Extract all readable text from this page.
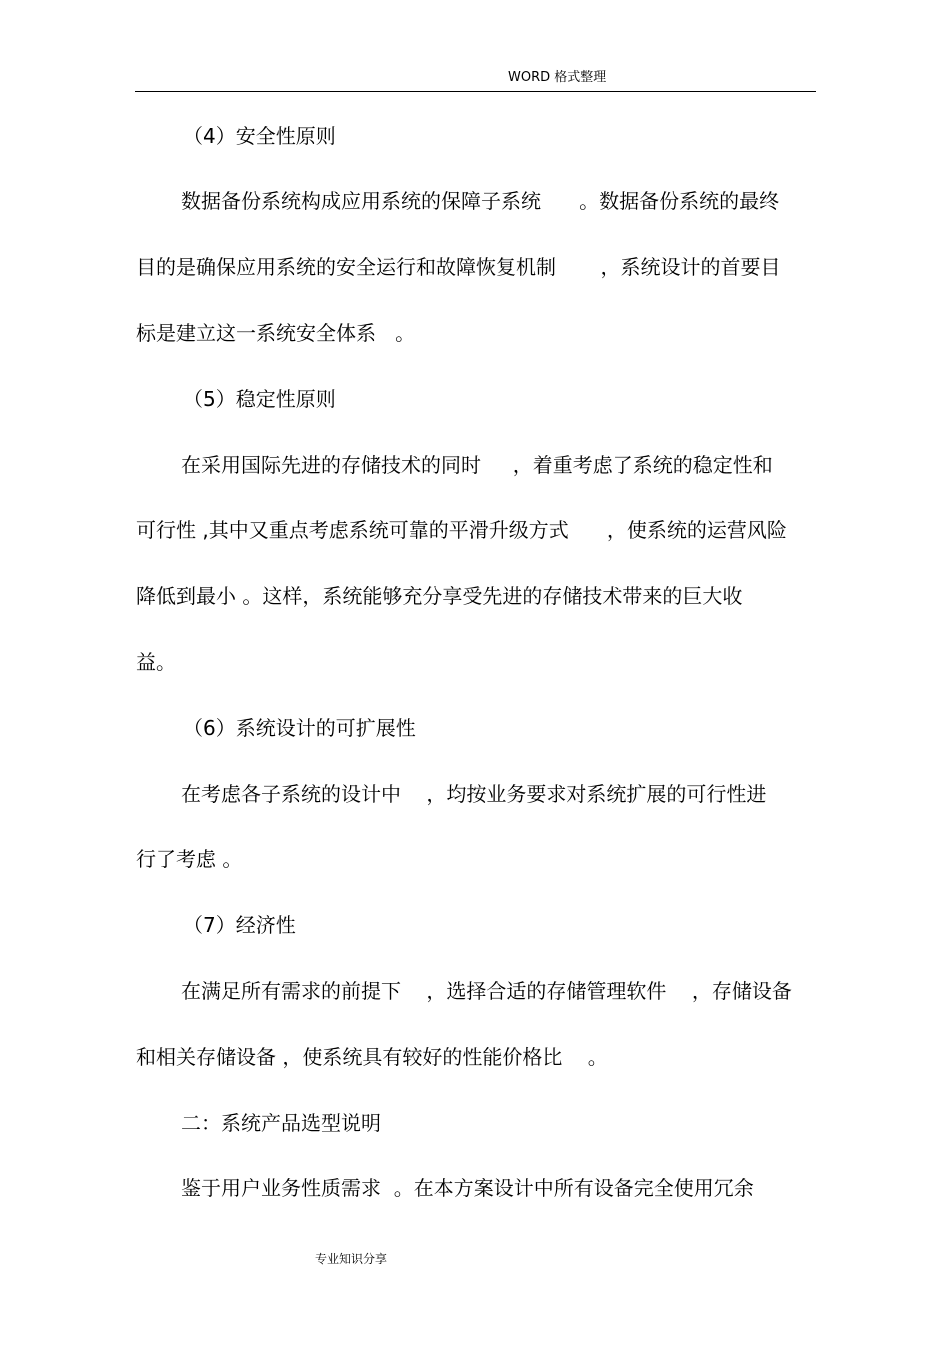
WORD 格式整理
（4）安全性原则
数据备份系统构成应用系统的保障子系统      。数据备份系统的最终
目的是确保应用系统的安全运行和故障恢复机制       ，系统设计的首要目
标是建立这一系统安全体系   。
（5）稳定性原则
在采用国际先进的存储技术的同时     ，着重考虑了系统的稳定性和
可行性 ,其中又重点考虑系统可靠的平滑升级方式      ，使系统的运营风险
降低到最小 。这样，系统能够充分享受先进的存储技术带来的巨大收
益。
（6）系统设计的可扩展性
在考虑各子系统的设计中    ，均按业务要求对系统扩展的可行性进
行了考虑 。
（7）经济性
在满足所有需求的前提下    ，选择合适的存储管理软件    ，存储设备
和相关存储设备 ，使系统具有较好的性能价格比    。
二：系统产品选型说明
鉴于用户业务性质需求  。在本方案设计中所有设备完全使用冗余
专业知识分享
